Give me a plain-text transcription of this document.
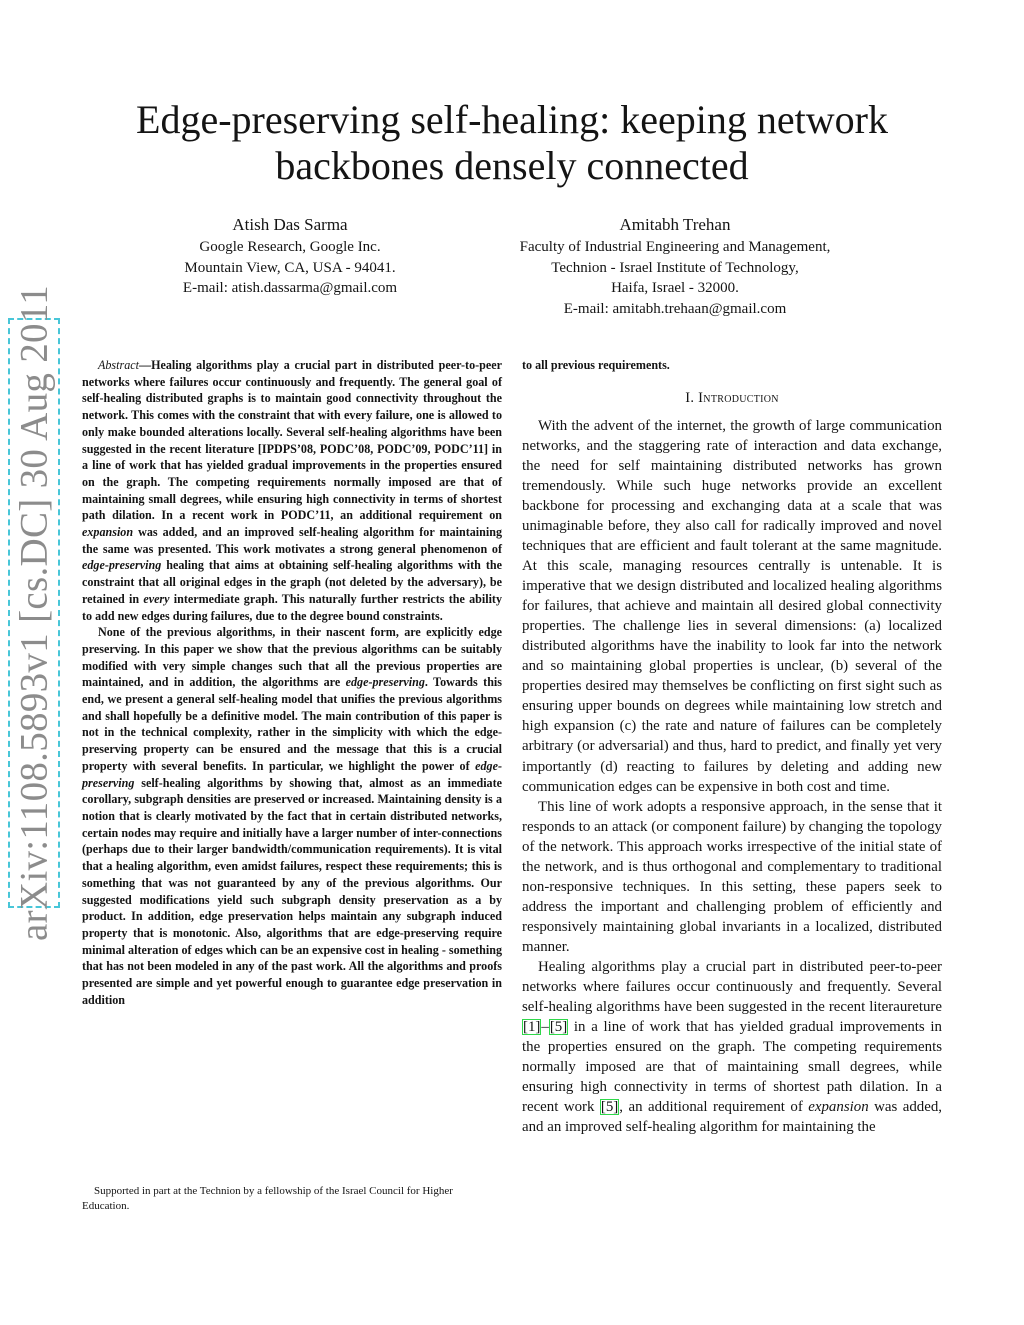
arXiv:1108.5893v1 [cs.DC] 30 Aug 2011
Edge-preserving self-healing: keeping network backbones densely connected
Atish Das Sarma
Google Research, Google Inc.
Mountain View, CA, USA - 94041.
E-mail: atish.dassarma@gmail.com
Amitabh Trehan
Faculty of Industrial Engineering and Management,
Technion - Israel Institute of Technology,
Haifa, Israel - 32000.
E-mail: amitabh.trehaan@gmail.com

Abstract—Healing algorithms play a crucial part in distributed peer-to-peer networks where failures occur continuously and frequently. The general goal of self-healing distributed graphs is to maintain good connectivity throughout the network. This comes with the constraint that with every failure, one is allowed to only make bounded alterations locally. Several self-healing algorithms have been suggested in the recent literature [IPDPS’08, PODC’08, PODC’09, PODC’11] in a line of work that has yielded gradual improvements in the properties ensured on the graph. The competing requirements normally imposed are that of maintaining small degrees, while ensuring high connectivity in terms of shortest path dilation. In a recent work in PODC’11, an additional requirement on expansion was added, and an improved self-healing algorithm for maintaining the same was presented. This work motivates a strong general phenomenon of edge-preserving healing that aims at obtaining self-healing algorithms with the constraint that all original edges in the graph (not deleted by the adversary), be retained in every intermediate graph. This naturally further restricts the ability to add new edges during failures, due to the degree bound constraints.

None of the previous algorithms, in their nascent form, are explicitly edge preserving. In this paper we show that the previous algorithms can be suitably modified with very simple changes such that all the previous properties are maintained, and in addition, the algorithms are edge-preserving. Towards this end, we present a general self-healing model that unifies the previous algorithms and shall hopefully be a definitive model. The main contribution of this paper is not in the technical complexity, rather in the simplicity with which the edge-preserving property can be ensured and the message that this is a crucial property with several benefits. In particular, we highlight the power of edge-preserving self-healing algorithms by showing that, almost as an immediate corollary, subgraph densities are preserved or increased. Maintaining density is a notion that is clearly motivated by the fact that in certain distributed networks, certain nodes may require and initially have a larger number of inter-connections (perhaps due to their larger bandwidth/communication requirements). It is vital that a healing algorithm, even amidst failures, respect these requirements; this is something that was not guaranteed by any of the previous algorithms. Our suggested modifications yield such subgraph density preservation as a by product. In addition, edge preservation helps maintain any subgraph induced property that is monotonic. Also, algorithms that are edge-preserving require minimal alteration of edges which can be an expensive cost in healing - something that has not been modeled in any of the past work. All the algorithms and proofs presented are simple and yet powerful enough to guarantee edge preservation in addition

Supported in part at the Technion by a fellowship of the Israel Council for Higher Education.

to all previous requirements.

I. Introduction

With the advent of the internet, the growth of large communication networks, and the staggering rate of interaction and data exchange, the need for self maintaining distributed networks has grown tremendously. While such huge networks provide an excellent backbone for processing and exchanging data at a scale that was unimaginable before, they also call for radically improved and novel techniques that are efficient and fault tolerant at the same magnitude. At this scale, managing resources centrally is untenable. It is imperative that we design distributed and localized healing algorithms for failures, that achieve and maintain all desired global connectivity properties. The challenge lies in several dimensions: (a) localized distributed algorithms have the inability to look far into the network and so maintaining global properties is unclear, (b) several of the properties desired may themselves be conflicting on first sight such as ensuring upper bounds on degrees while maintaining low stretch and high expansion (c) the rate and nature of failures can be completely arbitrary (or adversarial) and thus, hard to predict, and finally yet very importantly (d) reacting to failures by deleting and adding new communication edges can be expensive in both cost and time.

This line of work adopts a responsive approach, in the sense that it responds to an attack (or component failure) by changing the topology of the network. This approach works irrespective of the initial state of the network, and is thus orthogonal and complementary to traditional non-responsive techniques. In this setting, these papers seek to address the important and challenging problem of efficiently and responsively maintaining global invariants in a localized, distributed manner.

Healing algorithms play a crucial part in distributed peer-to-peer networks where failures occur continuously and frequently. Several self-healing algorithms have been suggested in the recent literaureture [1]–[5] in a line of work that has yielded gradual improvements in the properties ensured on the graph. The competing requirements normally imposed are that of maintaining small degrees, while ensuring high connectivity in terms of shortest path dilation. In a recent work [5], an additional requirement of expansion was added, and an improved self-healing algorithm for maintaining the
